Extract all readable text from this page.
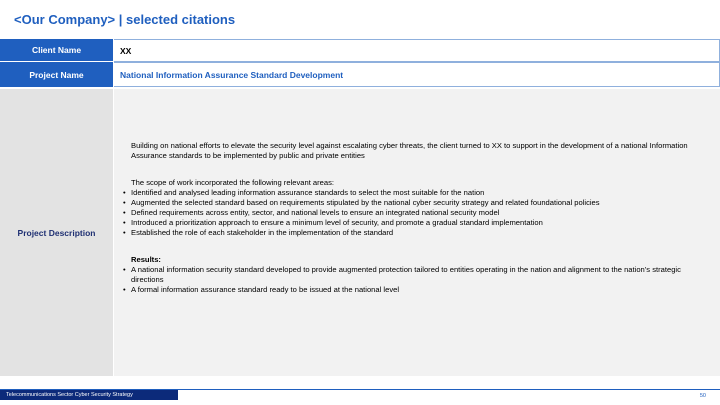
<Our Company> | selected citations
Client Name	XX
Project Name	National Information Assurance Standard Development
Project Description

Building on national efforts to elevate the security level against escalating cyber threats, the client turned to XX to support in the development of a national Information Assurance standards to be implemented by public and private entities

The scope of work incorporated the following relevant areas:

• Identified and analysed leading information assurance standards to select the most suitable for the nation
• Augmented the selected standard based on requirements stipulated by the national cyber security strategy and related foundational policies
• Defined requirements across entity, sector, and national levels to ensure an integrated national security model
• Introduced a prioritization approach to ensure a minimum level of security, and promote a gradual standard implementation
• Established the role of each stakeholder in the implementation of the standard

Results:

• A national information security standard developed to provide augmented protection tailored to entities operating in the nation and alignment to the nation’s strategic directions
• A formal information assurance standard ready to be issued at the national level
Telecommunications Sector Cyber Security Strategy	50
